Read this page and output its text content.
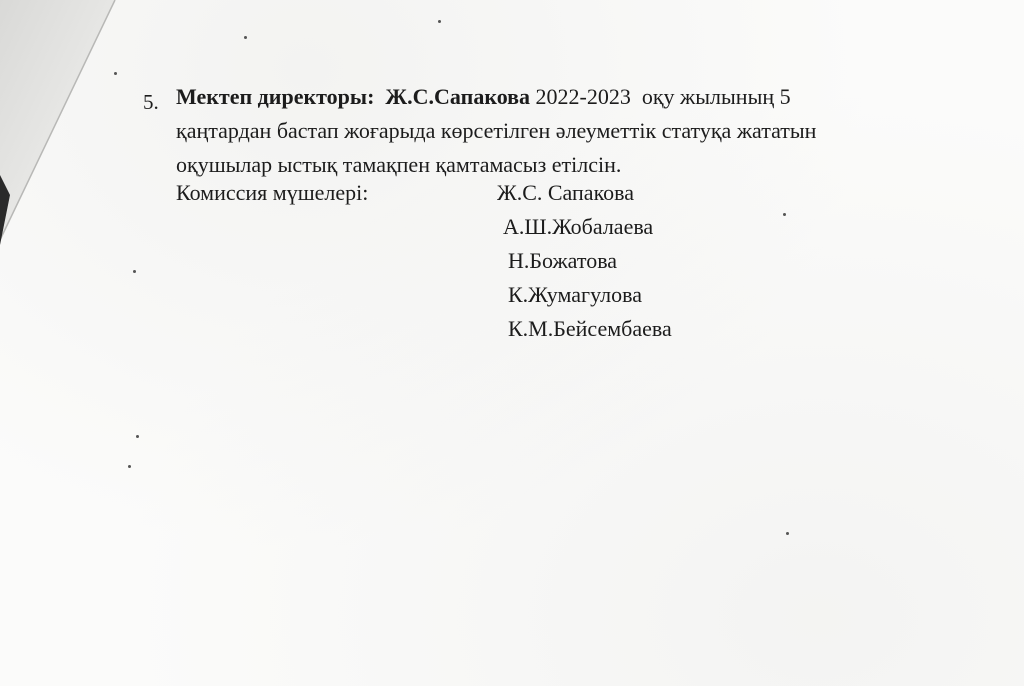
5. Мектеп директоры: Ж.С.Сапакова 2022-2023  оқу жылының 5
қаңтардан бастап жоғарыда көрсетілген әлеуметтік статуқа жататын
оқушылар ыстық тамақпен қамтамасыз етілсін.
Комиссия мүшелері:	Ж.С. Сапакова
А.Ш.Жобалаева
Н.Божатова
К.Жумагулова
К.М.Бейсембаева
